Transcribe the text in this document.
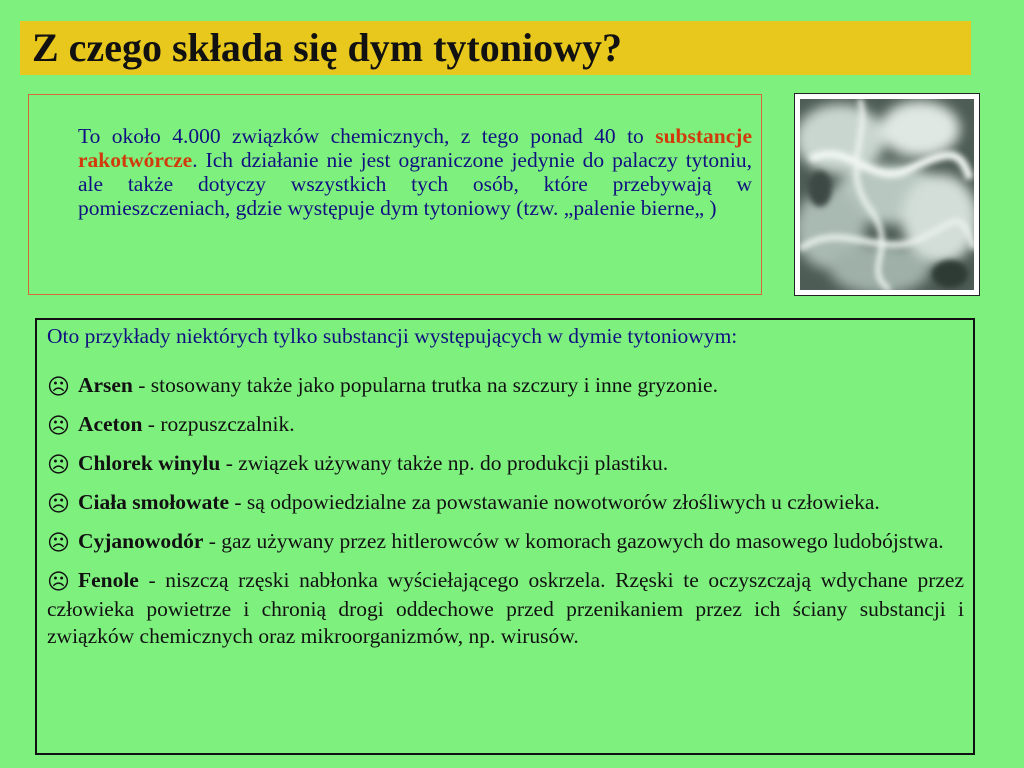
Z czego składa się dym tytoniowy?

To około 4.000 związków chemicznych, z tego ponad 40 to substancje rakotwórcze. Ich działanie nie jest ograniczone jedynie do palaczy tytoniu, ale także dotyczy wszystkich tych osób, które przebywają w pomieszczeniach, gdzie występuje dym tytoniowy (tzw. „palenie bierne„ )

Oto przykłady niektórych tylko substancji występujących w dymie tytoniowym:

☹ Arsen - stosowany także jako popularna trutka na szczury i inne gryzonie.

☹ Aceton - rozpuszczalnik.

☹ Chlorek winylu - związek używany także np. do produkcji plastiku.

☹ Ciała smołowate - są odpowiedzialne za powstawanie nowotworów złośliwych u człowieka.

☹ Cyjanowodór - gaz używany przez hitlerowców w komorach gazowych do masowego ludobójstwa.

☹ Fenole - niszczą rzęski nabłonka wyściełającego oskrzela. Rzęski te oczyszczają wdychane przez człowieka powietrze i chronią drogi oddechowe przed przenikaniem przez ich ściany substancji i związków chemicznych oraz mikroorganizmów, np. wirusów.
